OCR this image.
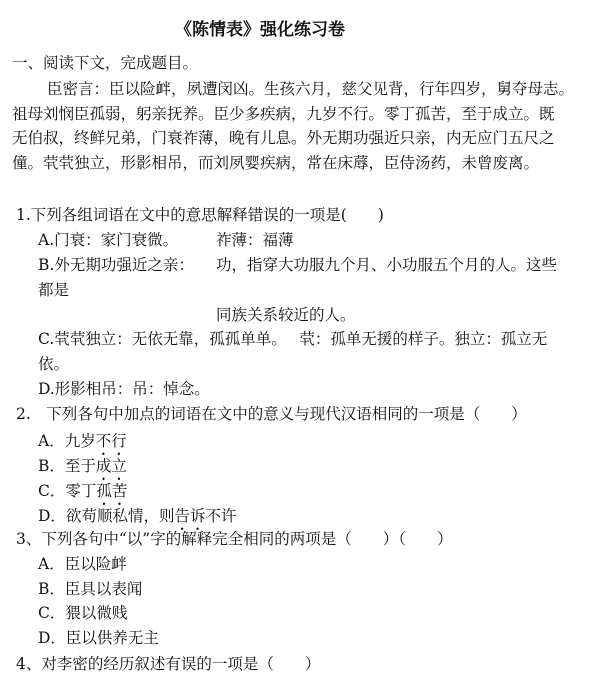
《陈情表》强化练习卷
一、阅读下文，完成题目。
臣密言：臣以险衅，夙遭闵凶。生孩六月，慈父见背，行年四岁，舅夺母志。
祖母刘悯臣孤弱，躬亲抚养。臣少多疾病，九岁不行。零丁孤苦，至于成立。既
无伯叔，终鲜兄弟，门衰祚薄，晚有儿息。外无期功强近只亲，内无应门五尺之
僮。茕茕独立，形影相吊，而刘夙婴疾病，常在床蓐，臣侍汤药，未曾废离。
1.下列各组词语在文中的意思解释错误的一项是(　　)
A.门衰：家门衰微。 祚薄：福薄
B.外无期功强近之亲： 功，指穿大功服九个月、小功服五个月的人。这些
都是
同族关系较近的人。
C.茕茕独立：无依无靠，孤孤单单。　 茕：孤单无援的样子。独立：孤立无
依。
D.形影相吊：吊：悼念。
2.　下列各句中加点的词语在文中的意义与现代汉语相同的一项是（　　）
A．九岁不行
B．至于成立
C．零丁孤苦
D．欲苟顺私情，则告诉不许
3、下列各句中“以”字的解释完全相同的两项是（　　）（　　）
A．臣以险衅
B．臣具以表闻
C．猥以微贱
D．臣以供养无主
4、对李密的经历叙述有误的一项是（　　）
